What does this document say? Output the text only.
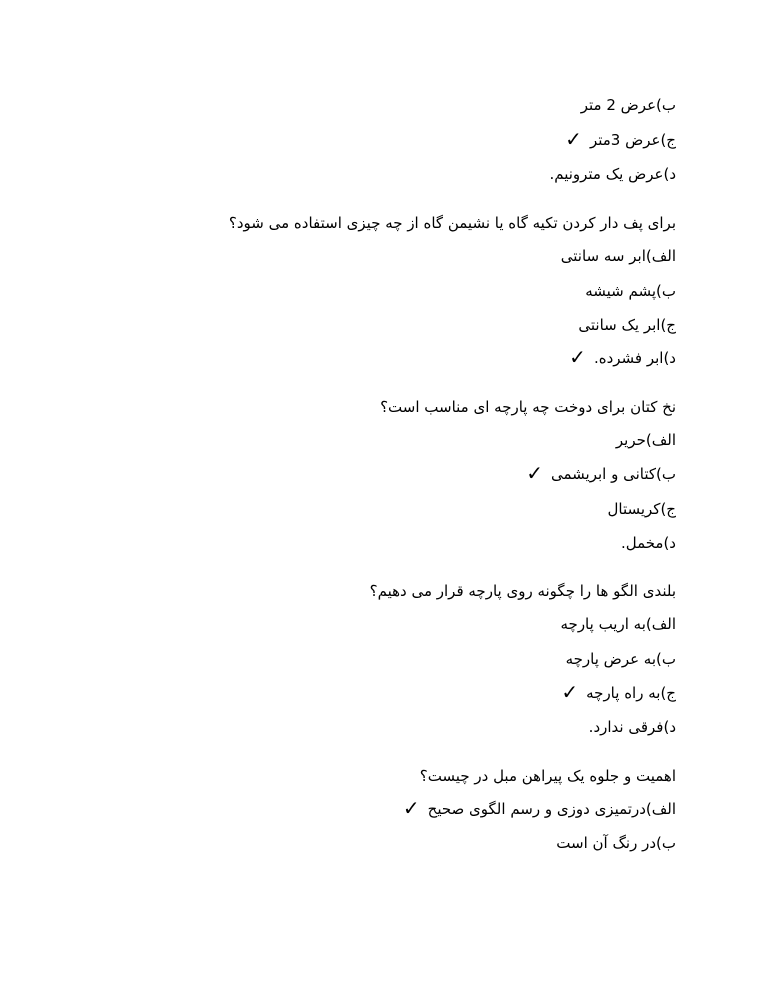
ب)عرض 2 متر
ج)عرض 3متر✓
د)عرض یک مترونیم.
برای پف دار کردن تکیه گاه یا نشیمن گاه از چه چیزی استفاده می شود؟
الف)ابر سه سانتی
ب)پشم شیشه
ج)ابر یک سانتی
د)ابر فشرده.✓
نخ کتان برای دوخت چه پارچه ای مناسب است؟
الف)حریر
ب)کتانی و ابریشمی✓
ج)کریستال
د)مخمل.
بلندی الگو ها را چگونه روی پارچه قرار می دهیم؟
الف)به اریب پارچه
ب)به عرض پارچه
ج)به راه پارچه✓
د)فرقی ندارد.
اهمیت و جلوه یک پیراهن مبل در چیست؟
الف)درتمیزی دوزی و رسم الگوی صحیح✓
ب)در رنگ آن است
